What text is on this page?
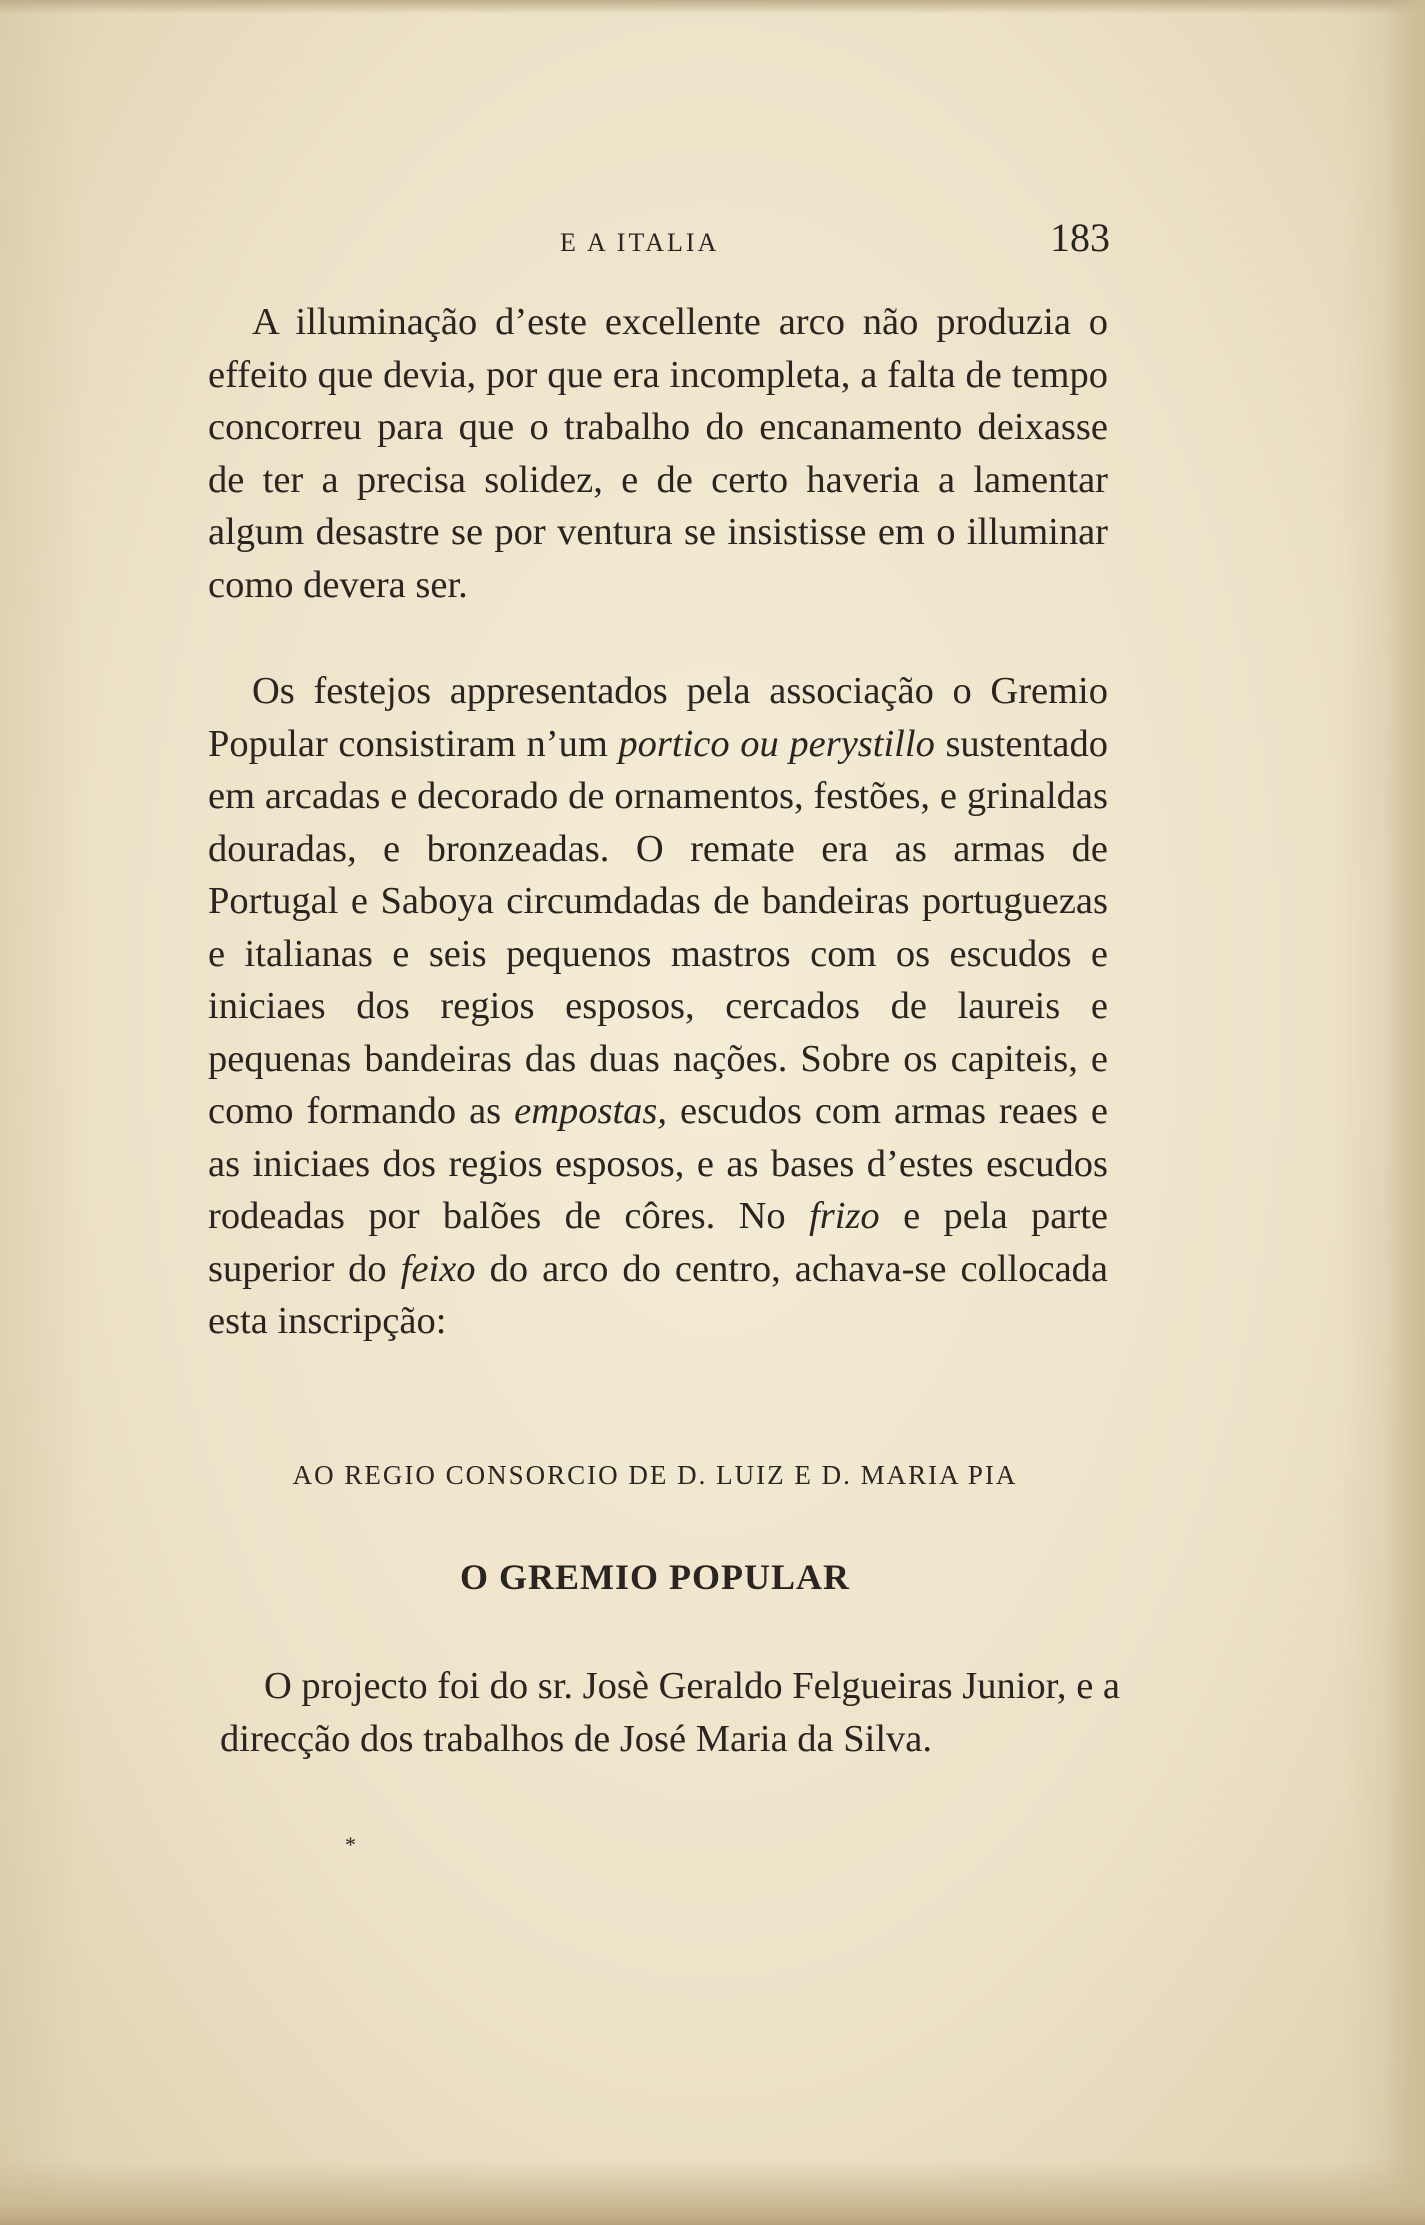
E A ITALIA	183

A illuminação d’este excellente arco não produzia o effeito que devia, por que era incompleta, a falta de tempo concorreu para que o trabalho do encanamento deixasse de ter a precisa solidez, e de certo haveria a lamentar algum desastre se por ventura se insistisse em o illuminar como devera ser.

Os festejos appresentados pela associação o Gremio Popular consistiram n’um portico ou perystillo sustentado em arcadas e decorado de ornamentos, festões, e grinaldas douradas, e bronzeadas. O remate era as armas de Portugal e Saboya circumdadas de bandeiras portuguezas e italianas e seis pequenos mastros com os escudos e iniciaes dos regios esposos, cercados de laureis e pequenas bandeiras das duas nações. Sobre os capiteis, e como formando as empostas, escudos com armas reaes e as iniciaes dos regios esposos, e as bases d’estes escudos rodeadas por balões de côres. No frizo e pela parte superior do feixo do arco do centro, achava-se collocada esta inscripção:

AO REGIO CONSORCIO DE D. LUIZ E D. MARIA PIA
O GREMIO POPULAR

O projecto foi do sr. Josè Geraldo Felgueiras Junior, e a direcção dos trabalhos de José Maria da Silva.

*
